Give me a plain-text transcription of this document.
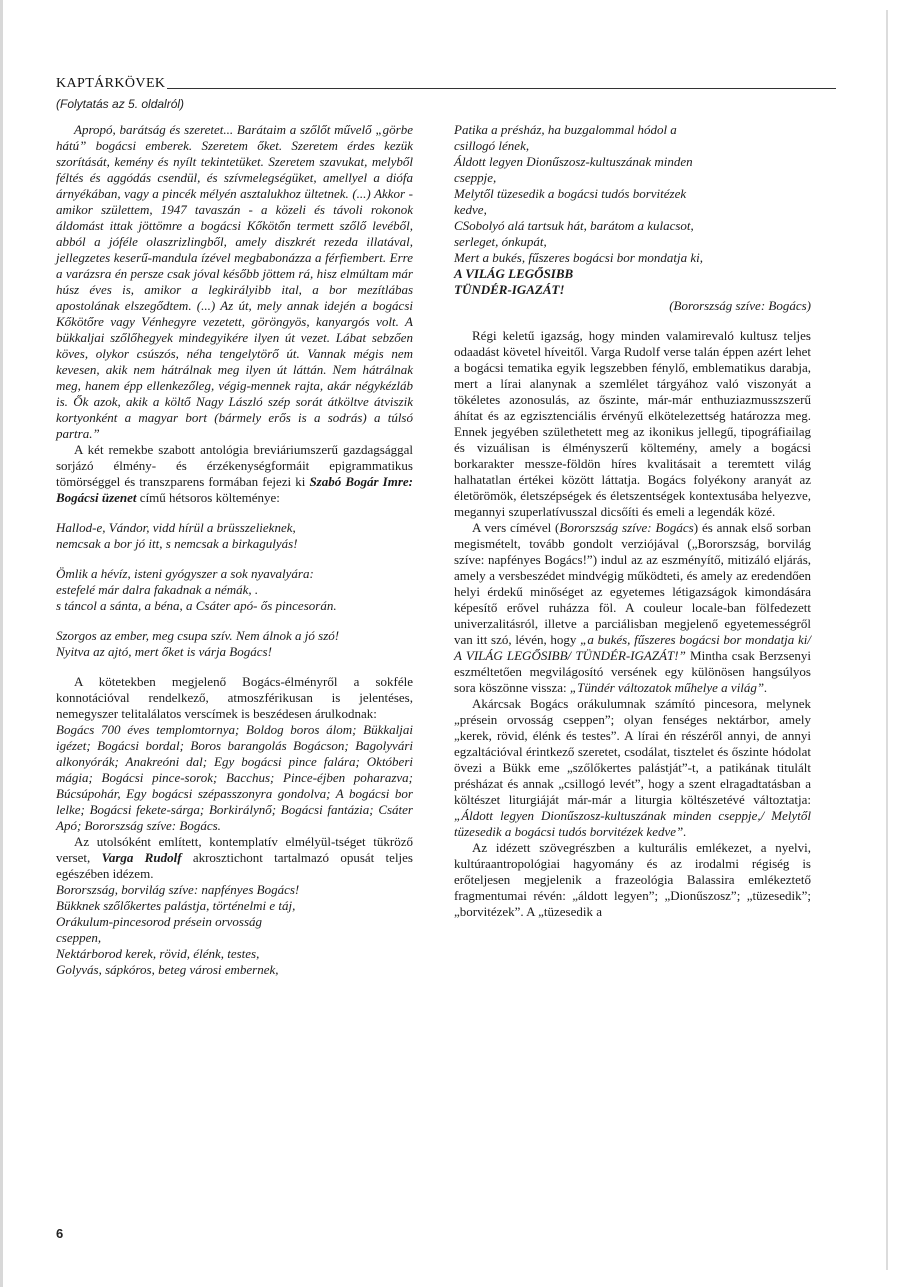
KAPTÁRKÖVEK
(Folytatás az 5. oldalról)

Apropó, barátság és szeretet... Barátaim a szőlőt művelő „görbe hátú” bogácsi emberek. Szeretem őket. Szeretem érdes kezük szorítását, kemény és nyílt tekintetüket. Szeretem szavukat, melyből féltés és aggódás csendül, és szívmelegségüket, amellyel a diófa árnyékában, vagy a pincék mélyén asztalukhoz ültetnek. (...) Akkor - amikor születtem, 1947 tavaszán - a közeli és távoli rokonok áldomást ittak jöttömre a bogácsi Kőkötőn termett szőlő levéből, abból a jóféle olaszrizlingből, amely diszkrét rezeda illatával, jellegzetes keserű-mandula ízével megbabonázza a férfiembert. Erre a varázsra én persze csak jóval később jöttem rá, hisz elmúltam már húsz éves is, amikor a legkirályibb ital, a bor mezítlábas apostolának elszegődtem. (...) Az út, mely annak idején a bogácsi Kőkötőre vagy Vénhegyre vezetett, göröngyös, kanyargós volt. A bükkaljai szőlőhegyek mindegyikére ilyen út vezet. Lábat sebzően köves, olykor csúszós, néha tengelytörő út. Vannak mégis nem kevesen, akik nem hátrálnak meg ilyen út láttán. Nem hátrálnak meg, hanem épp ellenkezőleg, végig-mennek rajta, akár négykézláb is. Ők azok, akik a költő Nagy László szép sorát átköltve átviszik kortyonként a magyar bort (bármely erős is a sodrás) a túlsó partra.”

A két remekbe szabott antológia breviáriumszerű gazdagsággal sorjázó élmény- és érzékenységformáit epigrammatikus tömörséggel és transzparens formában fejezi ki Szabó Bogár Imre: Bogácsi üzenet című hétsoros költeménye:

Hallod-e, Vándor, vidd hírül a brüsszelieknek,

nemcsak a bor jó itt, s nemcsak a birkagulyás!

Ömlik a hévíz, isteni gyógyszer a sok nyavalyára:

estefelé már dalra fakadnak a némák, .

s táncol a sánta, a béna, a Csáter apó- ős pincesorán.

Szorgos az ember, meg csupa szív. Nem álnok a jó szó!

Nyitva az ajtó, mert őket is várja Bogács!

A kötetekben megjelenő Bogács-élményről a sokféle konnotációval rendelkező, atmoszférikusan is jelentéses, nemegyszer telitalálatos verscímek is beszédesen árulkodnak:

Bogács 700 éves templomtornya; Boldog boros álom; Bükkaljai igézet; Bogácsi bordal; Boros barangolás Bogácson; Bagolyvári alkonyórák; Anakreóni dal; Egy bogácsi pince falára; Októberi mágia; Bogácsi pince-sorok; Bacchus; Pince-éjben poharazva; Búcsúpohár, Egy bogácsi szépasszonyra gondolva; A bogácsi bor lelke; Bogácsi fekete-sárga; Borkirálynő; Bogácsi fantázia; Csáter Apó; Bororszság szíve: Bogács.

Az utolsóként említett, kontemplatív elmélyül-tséget tükröző verset, Varga Rudolf akrosztichont tartalmazó opusát teljes egészében idézem.

Bororszság, borvilág szíve: napfényes Bogács!

Bükknek szőlőkertes palástja, történelmi e táj,

Orákulum-pincesorod présein orvosság

cseppen,

Nektárborod kerek, rövid, élénk, testes,

Golyvás, sápkóros, beteg városi embernek,

Patika a présház, ha buzgalommal hódol a

csillogó lének,

Áldott legyen Dionűszosz-kultuszának minden

cseppje,

Melytől tüzesedik a bogácsi tudós borvitézek

kedve,

CSobolyó alá tartsuk hát, barátom a kulacsot,

serleget, ónkupát,

Mert a bukés, fűszeres bogácsi bor mondatja ki,

A VILÁG LEGŐSIBB

TÜNDÉR-IGAZÁT!

(Bororszság szíve: Bogács)

Régi keletű igazság, hogy minden valamirevaló kultusz teljes odaadást követel híveitől. Varga Rudolf verse talán éppen azért lehet a bogácsi tematika egyik legszebben fénylő, emblematikus darabja, mert a lírai alanynak a szemlélet tárgyához való viszonyát a tökéletes azonosulás, az őszinte, már-már enthuziazmusszszerű áhítat és az egzisztenciális érvényű elkötelezettség határozza meg. Ennek jegyében születhetett meg az ikonikus jellegű, tipográfiailag és vizuálisan is élményszerű költemény, amely a bogácsi borkarakter messze-földön híres kvalitásait a teremtett világ halhatatlan értékei között láttatja. Bogács folyékony aranyát az életörömök, életszépségek és életszentségek kontextusába helyezve, megannyi szuperlatívusszal dicsőíti és emeli a legendák közé.

A vers címével (Bororszság szíve: Bogács) és annak első sorban megismételt, tovább gondolt verziójával („Bororszság, borvilág szíve: napfényes Bogács!”) indul az az eszményítő, mitizáló eljárás, amely a versbeszédet mindvégig működteti, és amely az eredendően helyi érdekű minőséget az egyetemes létigazságok kimondására képesítő erővel ruházza föl. A couleur locale-ban fölfedezett univerzalitásról, illetve a parciálisban megjelenő egyetemességről van itt szó, lévén, hogy „a bukés, fűszeres bogácsi bor mondatja ki/ A VILÁG LEGŐSIBB/ TÜNDÉR-IGAZÁT!” Mintha csak Berzsenyi eszméltetően megvilágosító versének egy különösen hangsúlyos sora köszönne vissza: „Tündér változatok műhelye a világ”.

Akárcsak Bogács orákulumnak számító pincesora, melynek „présein orvosság cseppen”; olyan fenséges nektárbor, amely „kerek, rövid, élénk és testes”. A lírai én részéről annyi, de annyi egzaltációval érintkező szeretet, csodálat, tisztelet és őszinte hódolat övezi a Bükk eme „szőlőkertes palástját”-t, a patikának titulált présházat és annak „csillogó levét”, hogy a szent elragadtatásban a költészet liturgiáját már-már a liturgia költészetévé változtatja: „Áldott legyen Dionűszosz-kultuszának minden cseppje,/ Melytől tüzesedik a bogácsi tudós borvitézek kedve”.

Az idézett szövegrészben a kulturális emlékezet, a nyelvi, kultúraantropológiai hagyomány és az irodalmi régiség is erőteljesen megjelenik a frazeológia Balassira emlékeztető fragmentumai révén: „áldott legyen”; „Dionűszosz”; „tüzesedik”; „borvitézek”. A „tüzesedik a

6
